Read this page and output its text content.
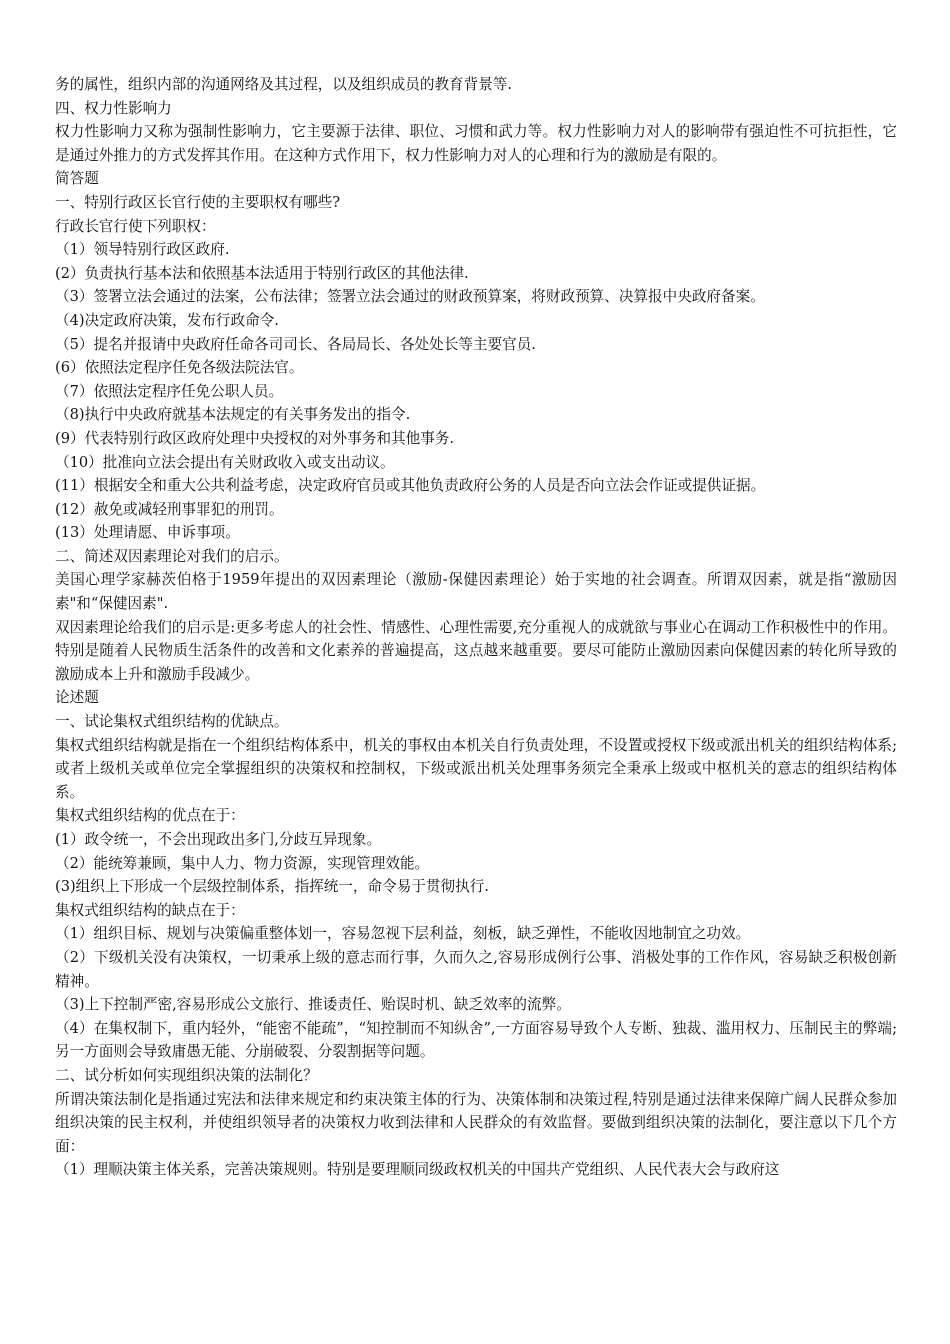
务的属性，组织内部的沟通网络及其过程，以及组织成员的教育背景等.

四、权力性影响力

权力性影响力又称为强制性影响力，它主要源于法律、职位、习惯和武力等。权力性影响力对人的影响带有强迫性不可抗拒性，它是通过外推力的方式发挥其作用。在这种方式作用下，权力性影响力对人的心理和行为的激励是有限的。

简答题

一、特别行政区长官行使的主要职权有哪些?

行政长官行使下列职权：

（1）领导特别行政区政府.

(2）负责执行基本法和依照基本法适用于特别行政区的其他法律.

（3）签署立法会通过的法案，公布法律；签署立法会通过的财政预算案，将财政预算、决算报中央政府备案。

（4)决定政府决策，发布行政命令.

（5）提名并报请中央政府任命各司司长、各局局长、各处处长等主要官员.

(6）依照法定程序任免各级法院法官。

（7）依照法定程序任免公职人员。

（8)执行中央政府就基本法规定的有关事务发出的指令.

(9）代表特别行政区政府处理中央授权的对外事务和其他事务.

（10）批准向立法会提出有关财政收入或支出动议。

(11）根据安全和重大公共利益考虑，决定政府官员或其他负责政府公务的人员是否向立法会作证或提供证据。

(12）赦免或减轻刑事罪犯的刑罚。

(13）处理请愿、申诉事项。

二、简述双因素理论对我们的启示。

美国心理学家赫茨伯格于1959年提出的双因素理论（激励-保健因素理论）始于实地的社会调查。所谓双因素，就是指“激励因素"和“保健因素".

双因素理论给我们的启示是:更多考虑人的社会性、情感性、心理性需要,充分重视人的成就欲与事业心在调动工作积极性中的作用。特别是随着人民物质生活条件的改善和文化素养的普遍提高，这点越来越重要。要尽可能防止激励因素向保健因素的转化所导致的激励成本上升和激励手段减少。

论述题

一、试论集权式组织结构的优缺点。

集权式组织结构就是指在一个组织结构体系中，机关的事权由本机关自行负责处理，不设置或授权下级或派出机关的组织结构体系;或者上级机关或单位完全掌握组织的决策权和控制权，下级或派出机关处理事务须完全秉承上级或中枢机关的意志的组织结构体系。

集权式组织结构的优点在于：

(1）政令统一，不会出现政出多门,分歧互异现象。

（2）能统筹兼顾，集中人力、物力资源，实现管理效能。

(3)组织上下形成一个层级控制体系，指挥统一，命令易于贯彻执行.

集权式组织结构的缺点在于：

（1）组织目标、规划与决策偏重整体划一，容易忽视下层利益，刻板，缺乏弹性，不能收因地制宜之功效。

（2）下级机关没有决策权，一切秉承上级的意志而行事，久而久之,容易形成例行公事、消极处事的工作作风，容易缺乏积极创新精神。

（3)上下控制严密,容易形成公文旅行、推诿责任、贻误时机、缺乏效率的流弊。

（4）在集权制下，重内轻外，“能密不能疏”，“知控制而不知纵舍”,一方面容易导致个人专断、独裁、滥用权力、压制民主的弊端;另一方面则会导致庸愚无能、分崩破裂、分裂割据等问题。

二、试分析如何实现组织决策的法制化？

所谓决策法制化是指通过宪法和法律来规定和约束决策主体的行为、决策体制和决策过程,特别是通过法律来保障广阔人民群众参加组织决策的民主权利，并使组织领导者的决策权力收到法律和人民群众的有效监督。要做到组织决策的法制化，要注意以下几个方面：

（1）理顺决策主体关系，完善决策规则。特别是要理顺同级政权机关的中国共产党组织、人民代表大会与政府这
